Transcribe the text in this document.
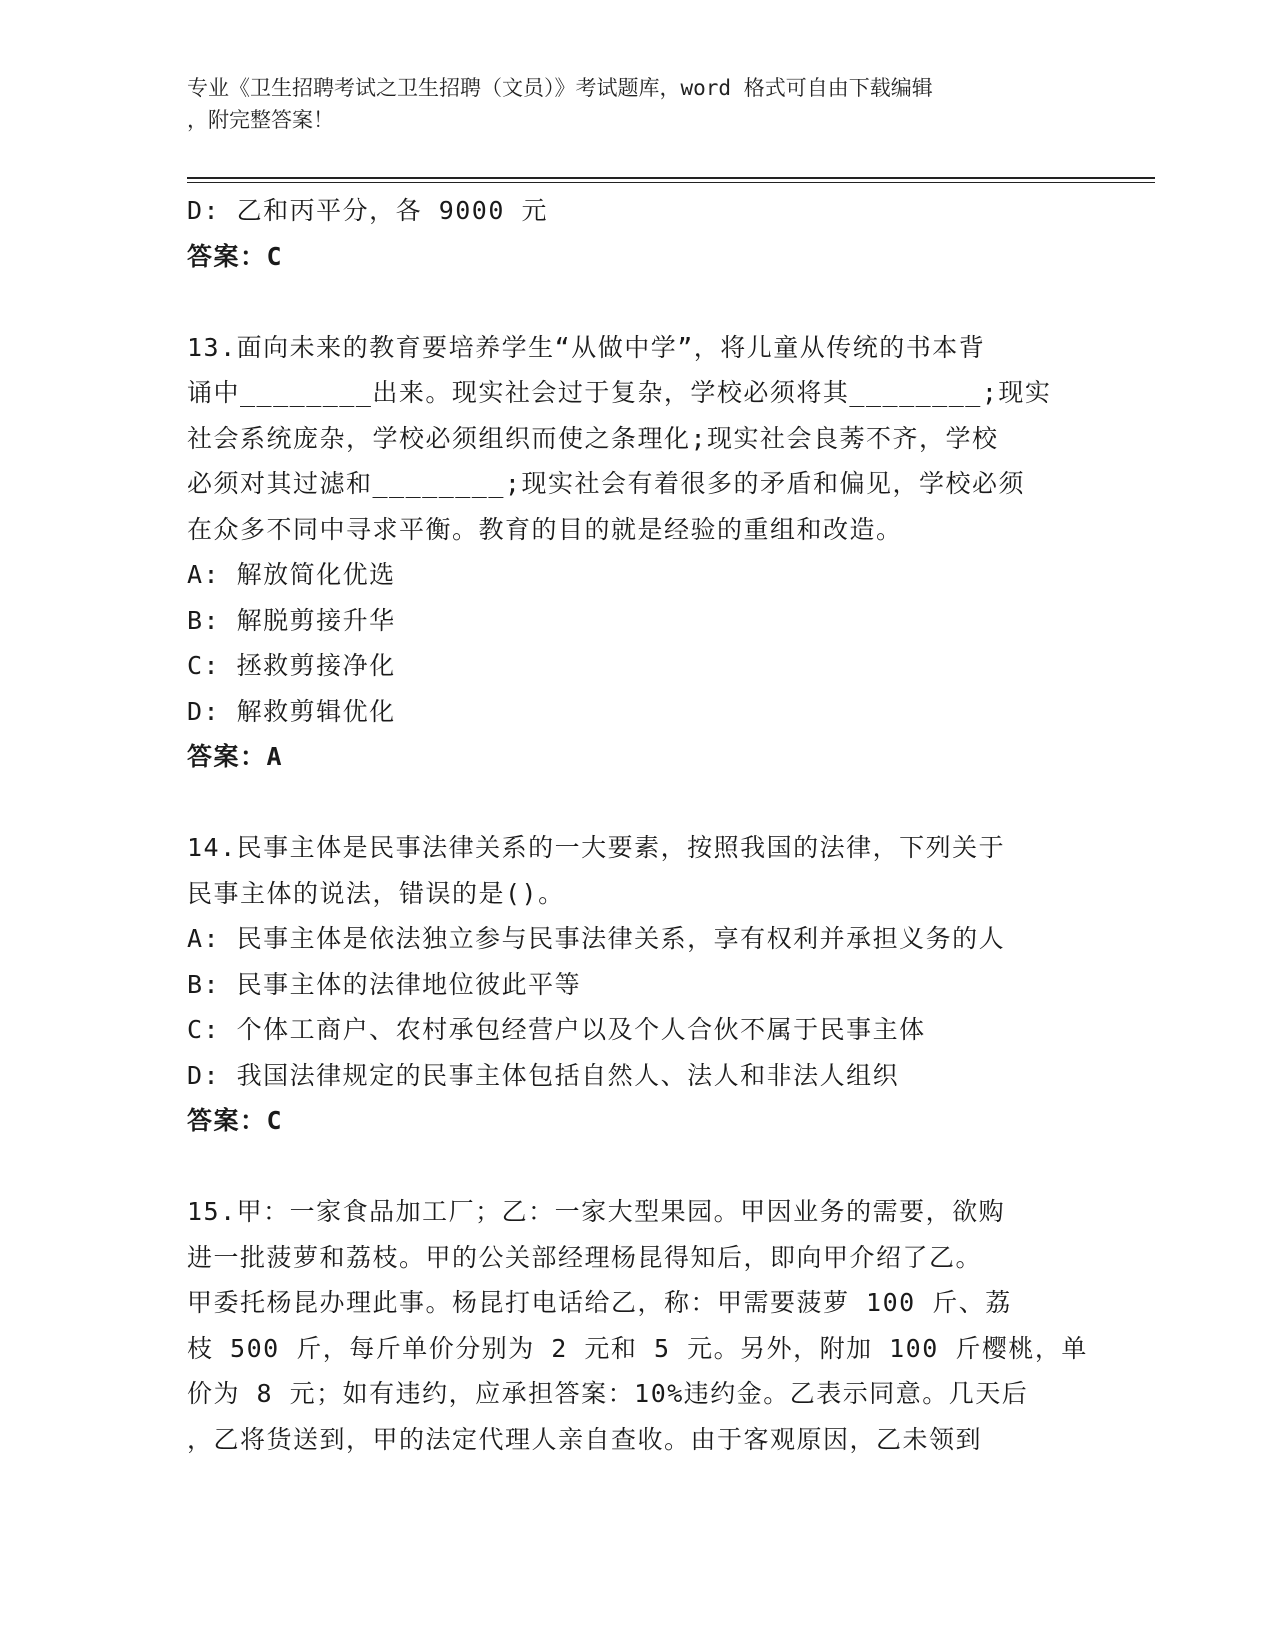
专业《卫生招聘考试之卫生招聘（文员）》考试题库，word 格式可自由下载编辑
，附完整答案！
D: 乙和丙平分，各 9000 元
答案：C
13.面向未来的教育要培养学生“从做中学”，将儿童从传统的书本背
诵中________出来。现实社会过于复杂，学校必须将其________;现实
社会系统庞杂，学校必须组织而使之条理化;现实社会良莠不齐，学校
必须对其过滤和________;现实社会有着很多的矛盾和偏见，学校必须
在众多不同中寻求平衡。教育的目的就是经验的重组和改造。
A: 解放简化优选
B: 解脱剪接升华
C: 拯救剪接净化
D: 解救剪辑优化
答案：A
14.民事主体是民事法律关系的一大要素，按照我国的法律，下列关于
民事主体的说法，错误的是()。
A: 民事主体是依法独立参与民事法律关系，享有权利并承担义务的人
B: 民事主体的法律地位彼此平等
C: 个体工商户、农村承包经营户以及个人合伙不属于民事主体
D: 我国法律规定的民事主体包括自然人、法人和非法人组织
答案：C
15.甲：一家食品加工厂；乙：一家大型果园。甲因业务的需要，欲购
进一批菠萝和荔枝。甲的公关部经理杨昆得知后，即向甲介绍了乙。
甲委托杨昆办理此事。杨昆打电话给乙，称：甲需要菠萝 100 斤、荔
枝 500 斤，每斤单价分别为 2 元和 5 元。另外，附加 100 斤樱桃，单
价为 8 元；如有违约，应承担答案：10%违约金。乙表示同意。几天后
，乙将货送到，甲的法定代理人亲自查收。由于客观原因，乙未领到
